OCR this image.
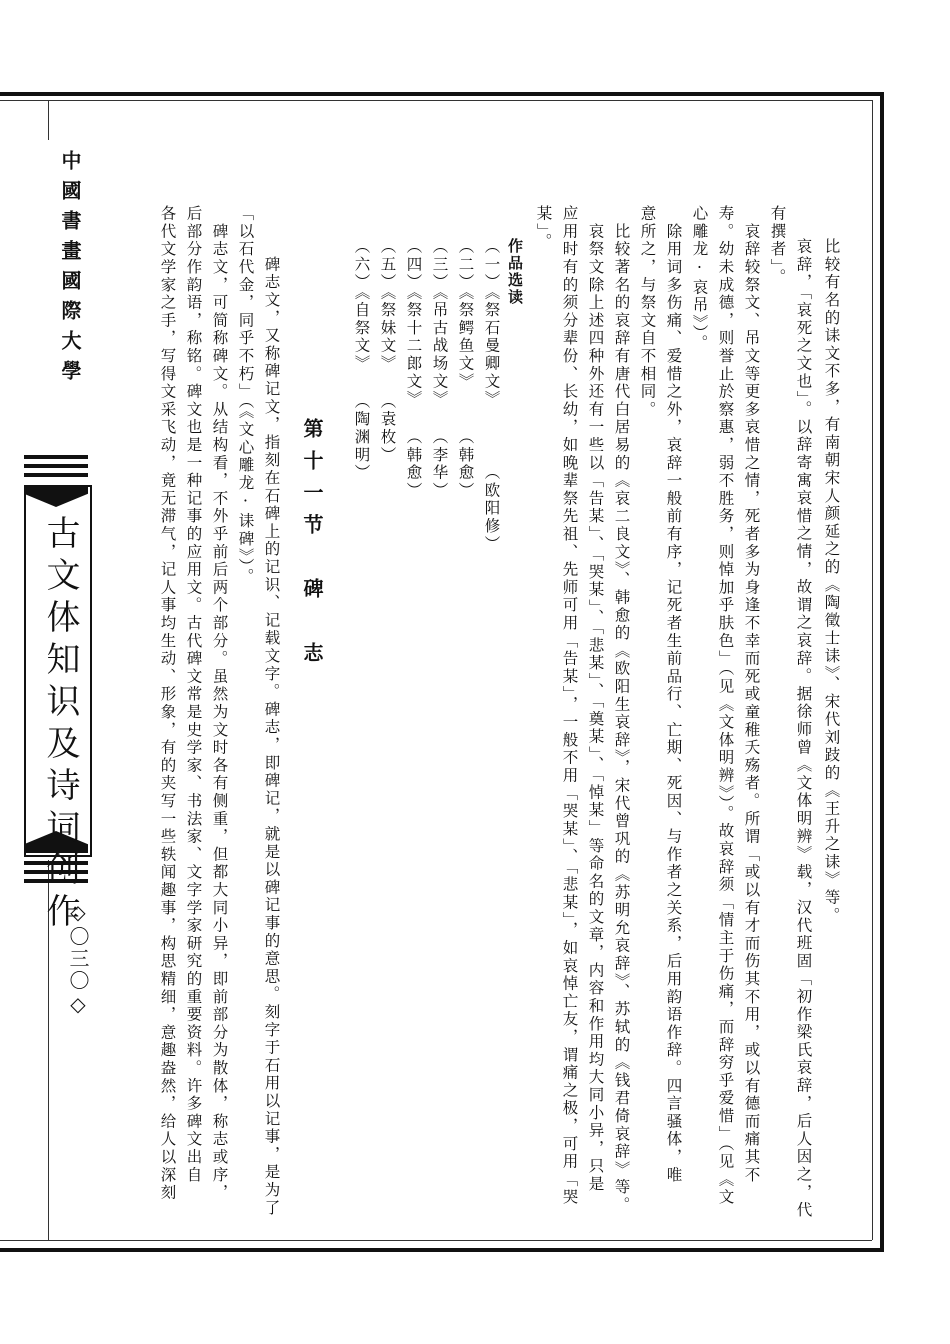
中國書畫國際大學
古文体知识及诗词创作
◇〇三〇◇
比较有名的诔文不多，有南朝宋人颜延之的《陶徵士诔》、宋代刘跂的《王升之诔》等。
哀辞，「哀死之文也」。以辞寄寓哀惜之情，故谓之哀辞。据徐师曾《文体明辨》载，汉代班固「初作梁氏哀辞，后人因之，代
有撰者」。
　哀辞较祭文、吊文等更多哀惜之情，死者多为身逢不幸而死或童稚夭殇者。所谓「或以有才而伤其不用，或以有德而痛其不
寿。幼未成德，则誉止於察惠，弱不胜务，则悼加乎肤色」（见《文体明辨》）。故哀辞须「情主于伤痛，而辞穷乎爱惜」（见《文
心雕龙·哀吊》）。
　除用词多伤痛、爱惜之外，哀辞一般前有序，记死者生前品行、亡期、死因、与作者之关系，后用韵语作辞。四言骚体，唯
意所之，与祭文自不相同。
　比较著名的哀辞有唐代白居易的《哀二良文》、韩愈的《欧阳生哀辞》，宋代曾巩的《苏明允哀辞》、苏轼的《钱君倚哀辞》等。
　哀祭文除上述四种外还有一些以「告某」、「哭某」、「悲某」、「奠某」、「悼某」等命名的文章，内容和作用均大同小异，只是
应用时有的须分辈份、长幼，如晚辈祭先祖、先师可用「告某」，一般不用「哭某」、「悲某」，如哀悼亡友，谓痛之极，可用「哭
某」。
作品选读
（一）《祭石曼卿文》　　　　（欧阳修）
（二）《祭鳄鱼文》　　　（韩愈）
（三）《吊古战场文》　　（李华）
（四）《祭十二郎文》　　（韩愈）
（五）《祭妹文》　　（袁枚）
（六）《自祭文》　　（陶渊明）
第十一节　碑　志
　碑志文，又称碑记文，指刻在石碑上的记识、记载文字。碑志，即碑记，就是以碑记事的意思。刻字于石用以记事，是为了
「以石代金，同乎不朽」（《文心雕龙·诔碑》）。
　碑志文，可简称碑文。从结构看，不外乎前后两个部分。虽然为文时各有侧重，但都大同小异，即前部分为散体，称志或序，
后部分作韵语，称铭。碑文也是一种记事的应用文。古代碑文常是史学家、书法家、文字学家研究的重要资料。许多碑文出自
各代文学家之手，写得文采飞动，竟无滞气，记人事均生动、形象，有的夹写一些轶闻趣事，构思精细，意趣盎然，给人以深刻
